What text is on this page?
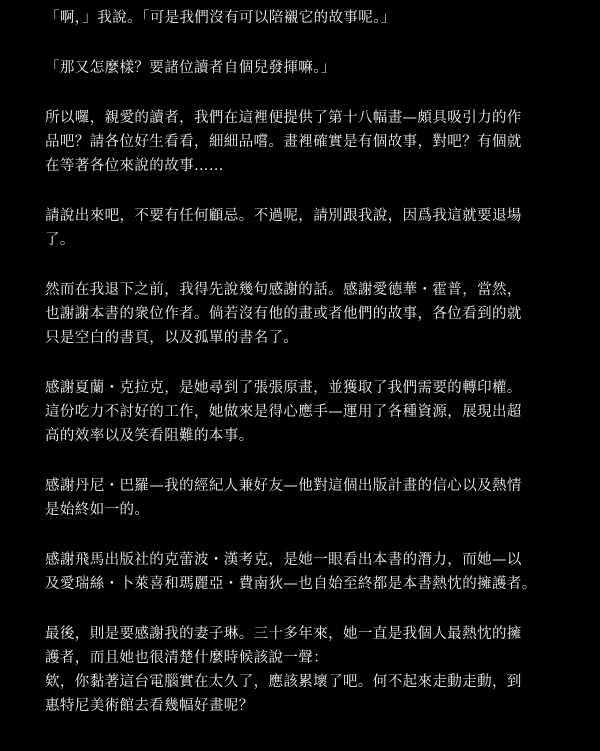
「啊，」我說。「可是我們沒有可以陪襯它的故事呢。」

「那又怎麼樣？要諸位讀者自個兒發揮嘛。」

所以囉，親愛的讀者，我們在這裡便提供了第十八幅畫—頗具吸引力的作
品吧？請各位好生看看，細細品嚐。畫裡確實是有個故事，對吧？有個就
在等著各位來說的故事……

請說出來吧，不要有任何顧忌。不過呢，請別跟我說，因爲我這就要退場
了。

然而在我退下之前，我得先說幾句感謝的話。感謝愛德華・霍普，當然，
也謝謝本書的衆位作者。倘若沒有他的畫或者他們的故事，各位看到的就
只是空白的書頁，以及孤單的書名了。

感謝夏蘭・克拉克，是她尋到了張張原畫，並獲取了我們需要的轉印權。
這份吃力不討好的工作，她做來是得心應手—運用了各種資源，展現出超
高的效率以及笑看阻難的本事。

感謝丹尼・巴羅—我的經紀人兼好友—他對這個出版計畫的信心以及熱情
是始終如一的。

感謝飛馬出版社的克蕾波・漢考克，是她一眼看出本書的潛力，而她—以
及愛瑞絲・卜萊喜和瑪麗亞・費南狄—也自始至終都是本書熱忱的擁護者。

最後，則是要感謝我的妻子琳。三十多年來，她一直是我個人最熱忱的擁
護者，而且她也很清楚什麼時候該說一聲：
欸，你黏著這台電腦實在太久了，應該累壞了吧。何不起來走動走動，到
惠特尼美術館去看幾幅好畫呢？
